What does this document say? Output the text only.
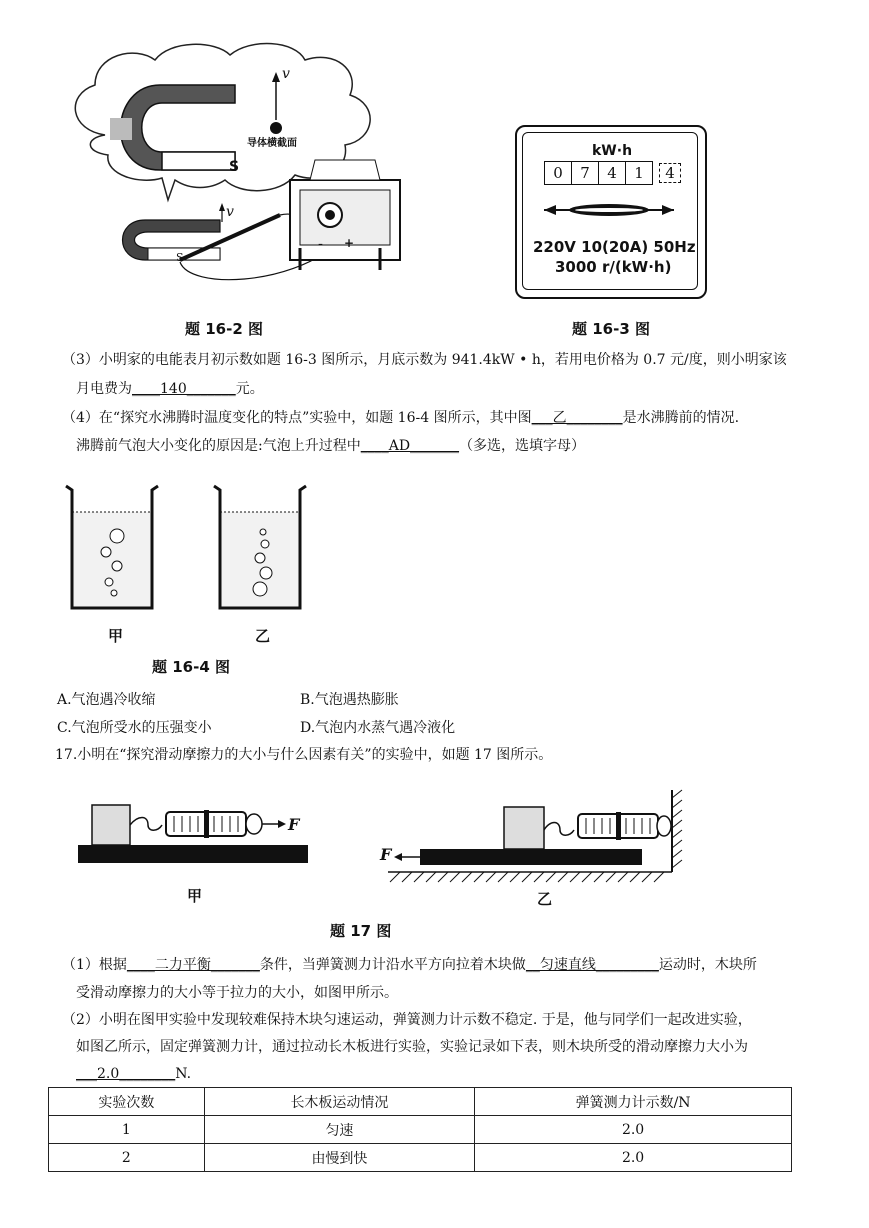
S
S
v
v
导体横截面
- +
题 16-2 图
kW·h
0	7	4	1	4
220V 10(20A) 50Hz
3000 r/(kW·h)
题 16-3 图
（3）小明家的电能表月初示数如题 16-3 图所示，月底示数为 941.4kW • h，若用电价格为 0.7 元/度，则小明家该
月电费为____140_______元。
（4）在“探究水沸腾时温度变化的特点”实验中，如题 16-4 图所示，其中图___乙________是水沸腾前的情况.
沸腾前气泡大小变化的原因是:气泡上升过程中____AD_______（多选，选填字母）
甲	乙
题 16-4 图
A.气泡遇冷收缩	B.气泡遇热膨胀
C.气泡所受水的压强变小	D.气泡内水蒸气遇冷液化
17.小明在“探究滑动摩擦力的大小与什么因素有关”的实验中，如题 17 图所示。
F
F
甲	乙
题 17 图
（1）根据____二力平衡_______条件，当弹簧测力计沿水平方向拉着木块做__匀速直线_________运动时，木块所
受滑动摩擦力的大小等于拉力的大小，如图甲所示。
（2）小明在图甲实验中发现较难保持木块匀速运动，弹簧测力计示数不稳定. 于是，他与同学们一起改进实验，
如图乙所示，固定弹簧测力计，通过拉动长木板进行实验，实验记录如下表，则木块所受的滑动摩擦力大小为
___2.0________N.
实验次数	长木板运动情况	弹簧测力计示数/N
1	匀速	2.0
2	由慢到快	2.0
